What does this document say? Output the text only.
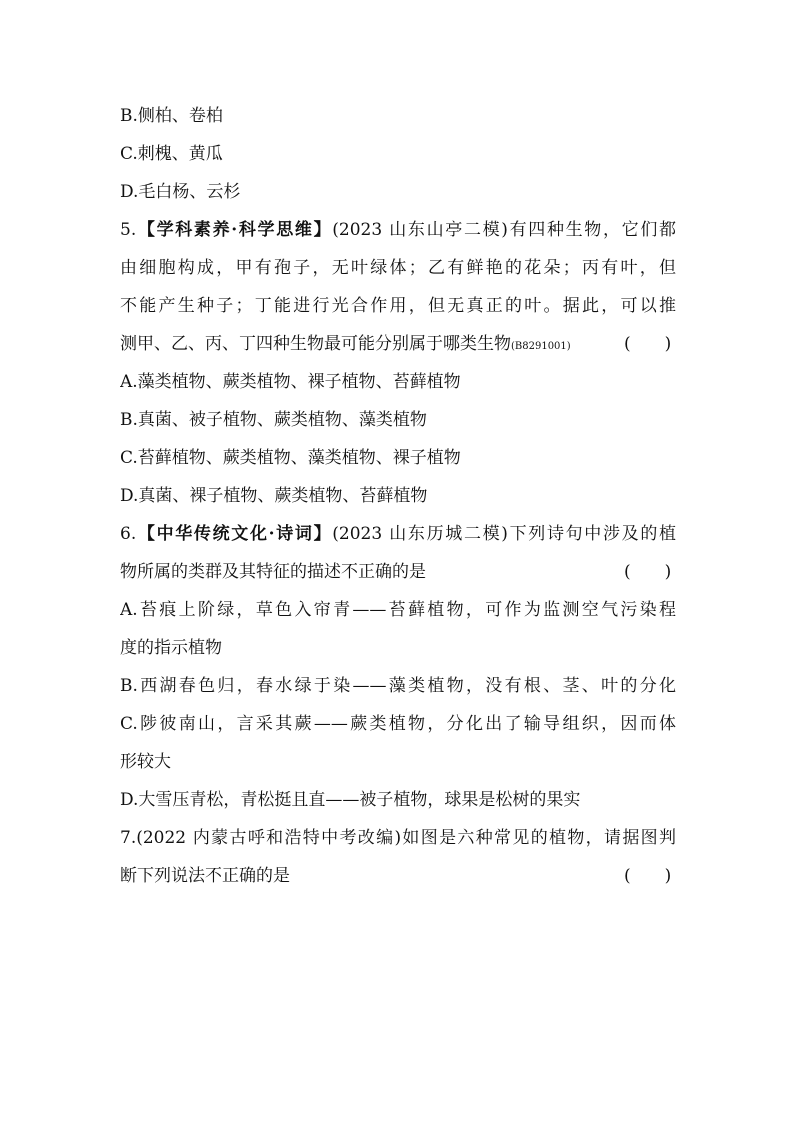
B.侧柏、卷柏
C.刺槐、黄瓜
D.毛白杨、云杉
5.【学科素养·科学思维】(2023 山东山亭二模)有四种生物，它们都
由细胞构成，甲有孢子，无叶绿体；乙有鲜艳的花朵；丙有叶，但
不能产生种子；丁能进行光合作用，但无真正的叶。据此，可以推
测甲、乙、丙、丁四种生物最可能分别属于哪类生物(B8291001)	(　　)
A.藻类植物、蕨类植物、裸子植物、苔藓植物
B.真菌、被子植物、蕨类植物、藻类植物
C.苔藓植物、蕨类植物、藻类植物、裸子植物
D.真菌、裸子植物、蕨类植物、苔藓植物
6.【中华传统文化·诗词】(2023 山东历城二模)下列诗句中涉及的植
物所属的类群及其特征的描述不正确的是	(　　)
A.苔痕上阶绿，草色入帘青——苔藓植物，可作为监测空气污染程
度的指示植物
B.西湖春色归，春水绿于染——藻类植物，没有根、茎、叶的分化
C.陟彼南山，言采其蕨——蕨类植物，分化出了输导组织，因而体
形较大
D.大雪压青松，青松挺且直——被子植物，球果是松树的果实
7.(2022 内蒙古呼和浩特中考改编)如图是六种常见的植物，请据图判
断下列说法不正确的是	(　　)
